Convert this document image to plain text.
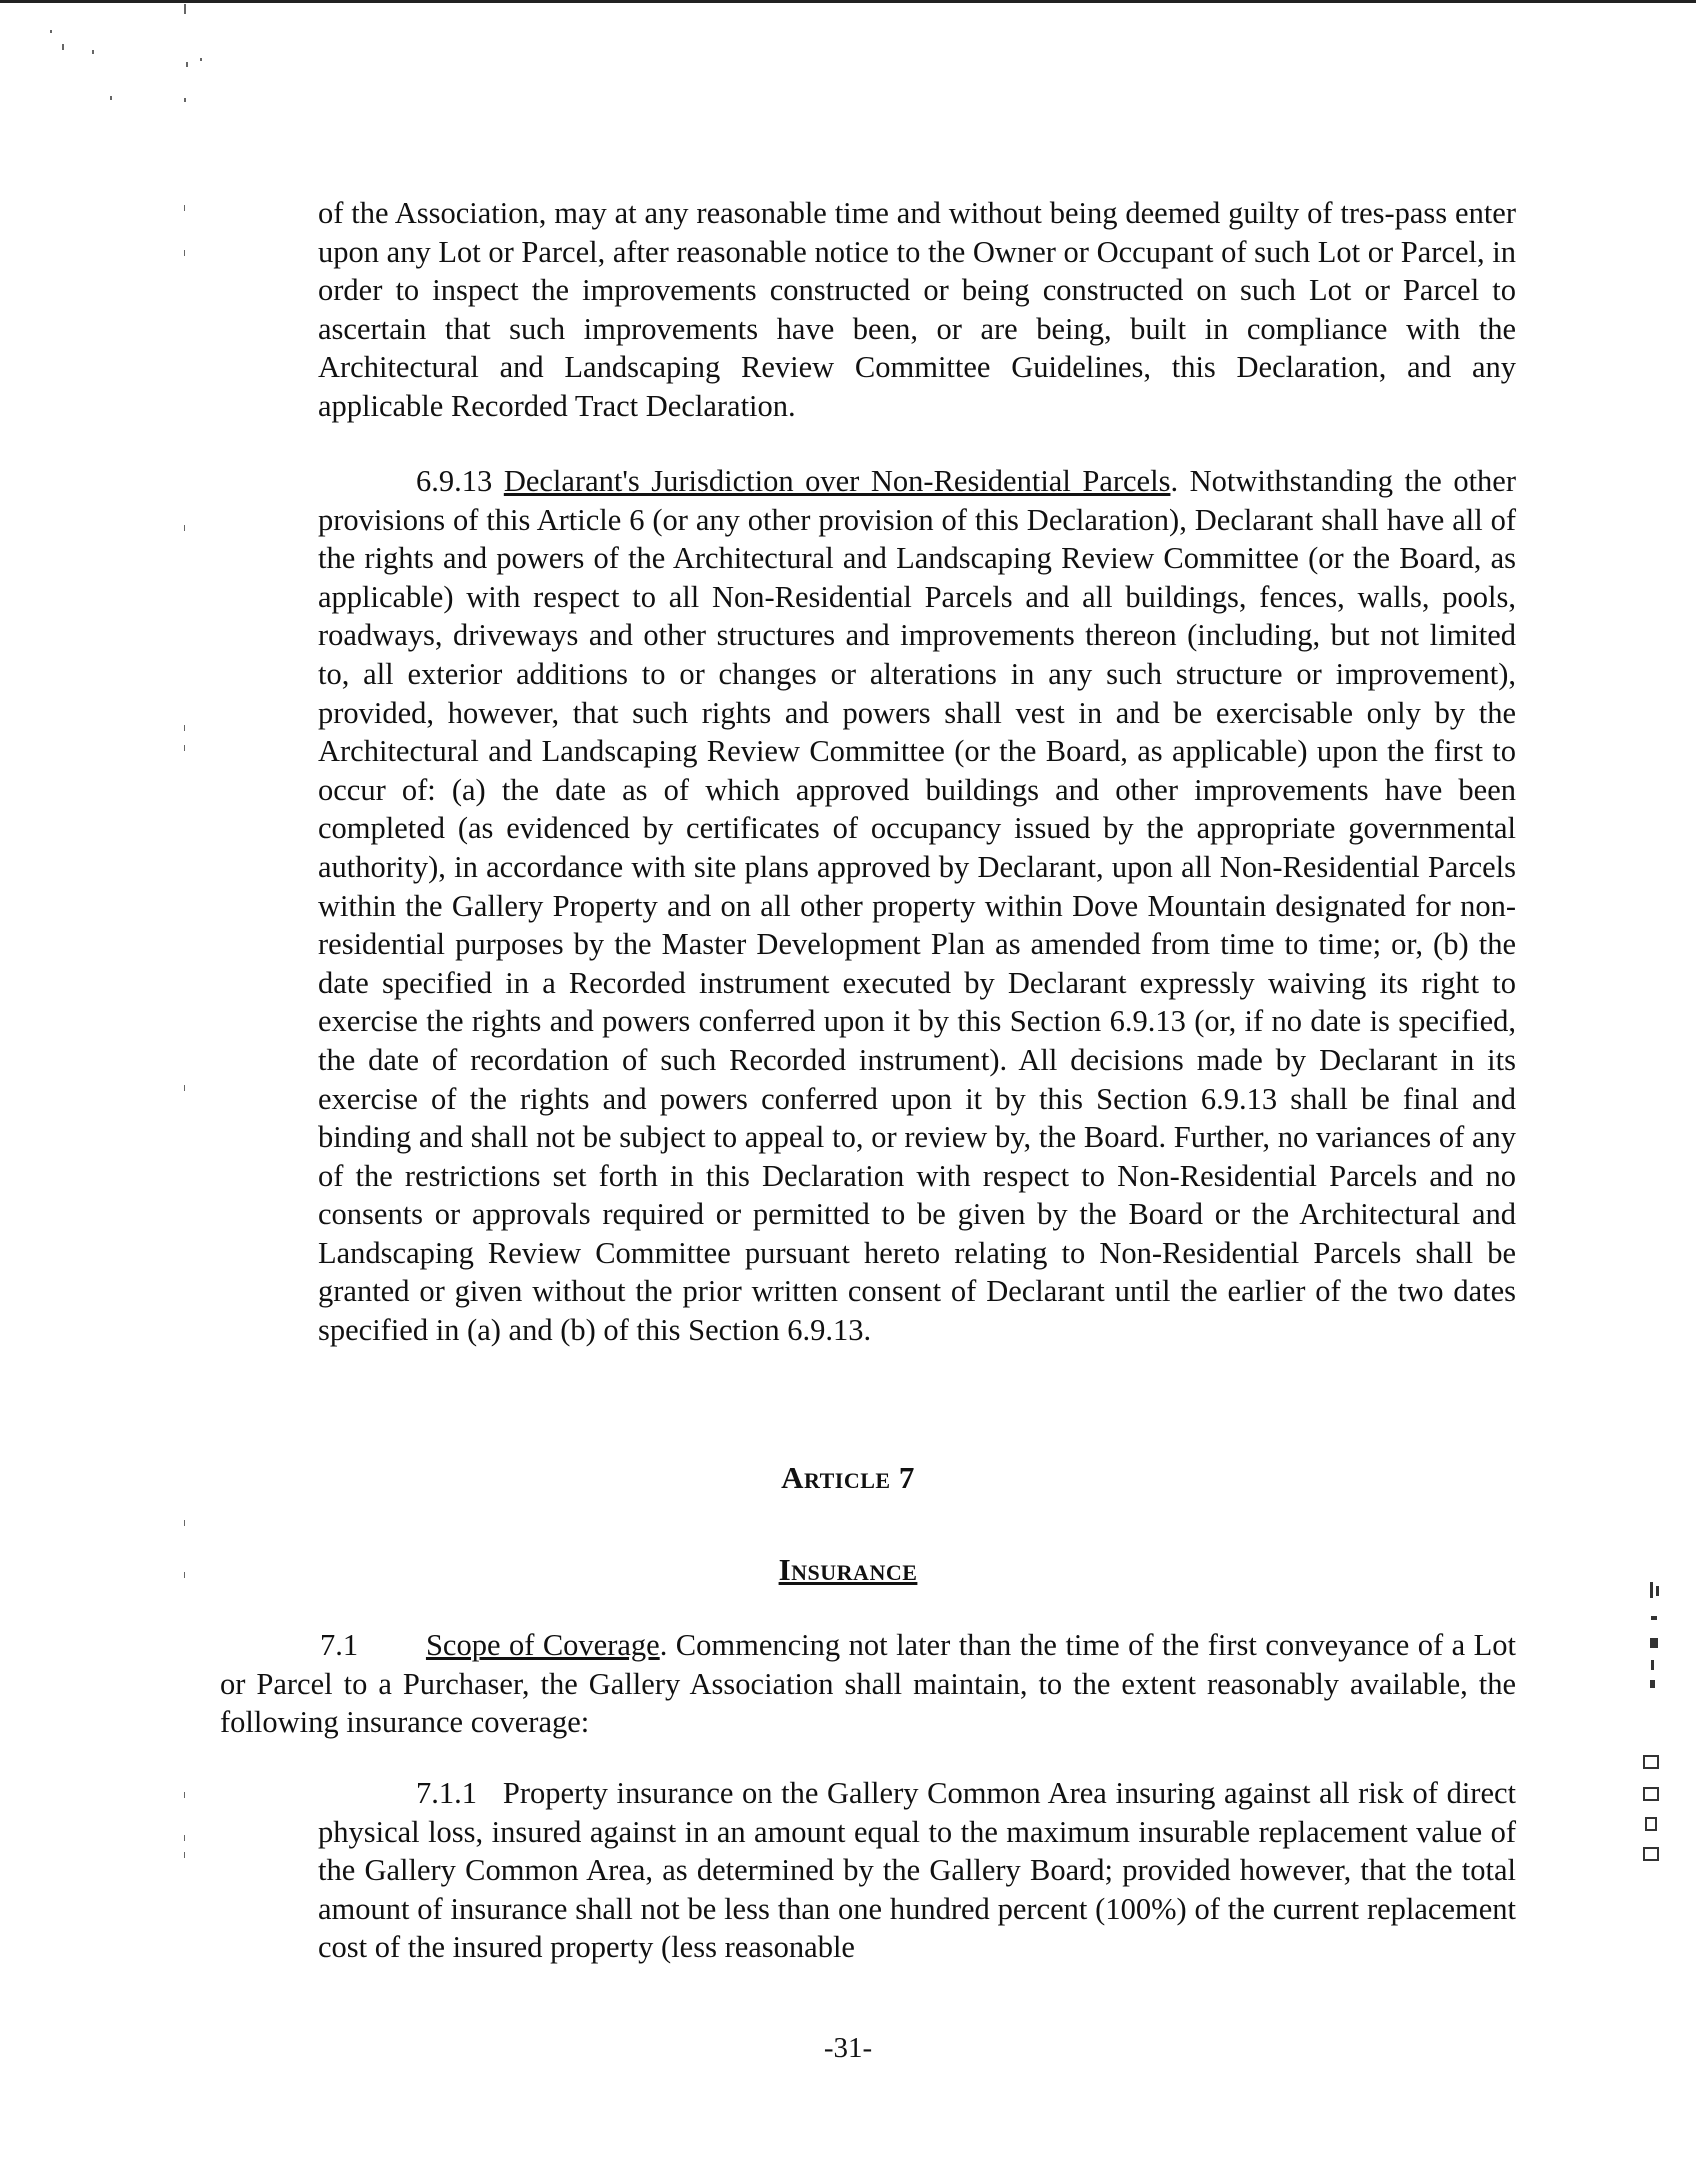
of the Association, may at any reasonable time and without being deemed guilty of tres-pass enter upon any Lot or Parcel, after reasonable notice to the Owner or Occupant of such Lot or Parcel, in order to inspect the improvements constructed or being constructed on such Lot or Parcel to ascertain that such improvements have been, or are being, built in compliance with the Architectural and Landscaping Review Committee Guidelines, this Declaration, and any applicable Recorded Tract Declaration.

6.9.13 Declarant's Jurisdiction over Non-Residential Parcels. Notwithstanding the other provisions of this Article 6 (or any other provision of this Declaration), Declarant shall have all of the rights and powers of the Architectural and Landscaping Review Committee (or the Board, as applicable) with respect to all Non-Residential Parcels and all buildings, fences, walls, pools, roadways, driveways and other structures and improvements thereon (including, but not limited to, all exterior additions to or changes or alterations in any such structure or improvement), provided, however, that such rights and powers shall vest in and be exercisable only by the Architectural and Landscaping Review Committee (or the Board, as applicable) upon the first to occur of: (a) the date as of which approved buildings and other improvements have been completed (as evidenced by certificates of occupancy issued by the appropriate governmental authority), in accordance with site plans approved by Declarant, upon all Non-Residential Parcels within the Gallery Property and on all other property within Dove Mountain designated for non-residential purposes by the Master Development Plan as amended from time to time; or, (b) the date specified in a Recorded instrument executed by Declarant expressly waiving its right to exercise the rights and powers conferred upon it by this Section 6.9.13 (or, if no date is specified, the date of recordation of such Recorded instrument). All decisions made by Declarant in its exercise of the rights and powers conferred upon it by this Section 6.9.13 shall be final and binding and shall not be subject to appeal to, or review by, the Board. Further, no variances of any of the restrictions set forth in this Declaration with respect to Non-Residential Parcels and no consents or approvals required or permitted to be given by the Board or the Architectural and Landscaping Review Committee pursuant hereto relating to Non-Residential Parcels shall be granted or given without the prior written consent of Declarant until the earlier of the two dates specified in (a) and (b) of this Section 6.9.13.

Article 7
Insurance

7.1 Scope of Coverage. Commencing not later than the time of the first conveyance of a Lot or Parcel to a Purchaser, the Gallery Association shall maintain, to the extent reasonably available, the following insurance coverage:

7.1.1 Property insurance on the Gallery Common Area insuring against all risk of direct physical loss, insured against in an amount equal to the maximum insurable replacement value of the Gallery Common Area, as determined by the Gallery Board; provided however, that the total amount of insurance shall not be less than one hundred percent (100%) of the current replacement cost of the insured property (less reasonable

-31-
